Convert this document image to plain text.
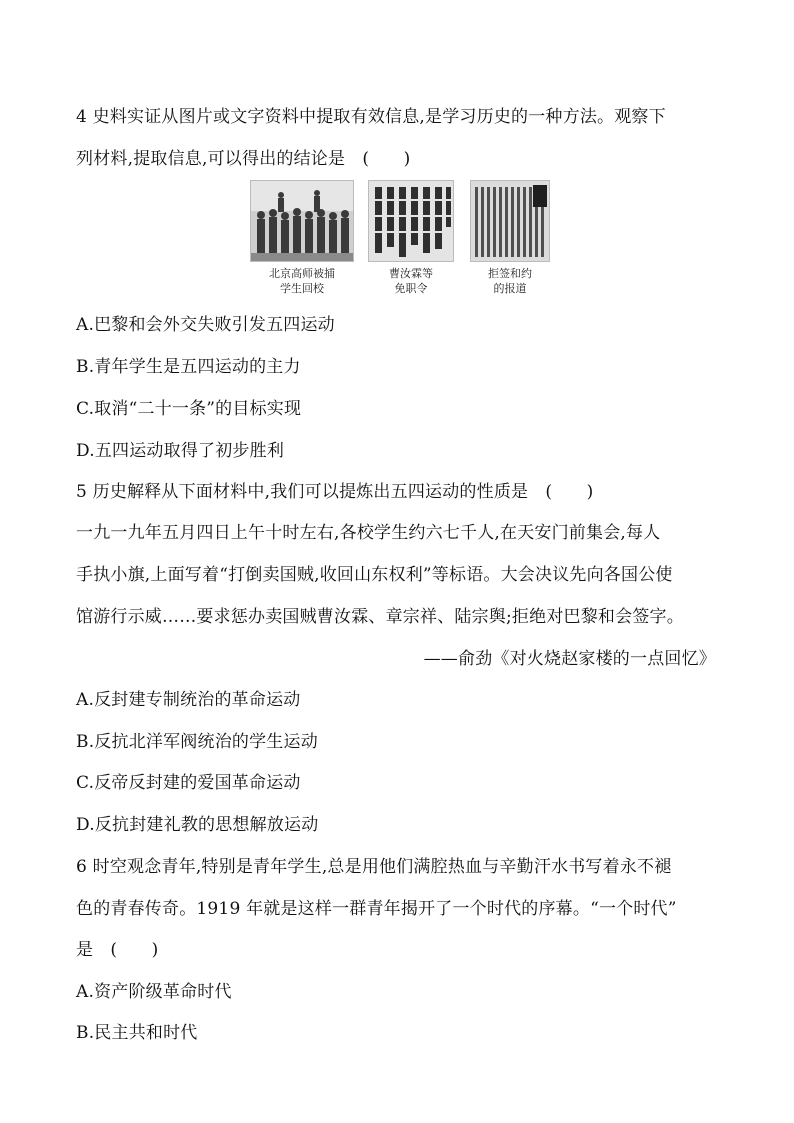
4 史料实证从图片或文字资料中提取有效信息,是学习历史的一种方法。观察下
列材料,提取信息,可以得出的结论是　(　　)
北京高师被捕
学生回校
曹汝霖等
免职令
拒签和约
的报道
A.巴黎和会外交失败引发五四运动
B.青年学生是五四运动的主力
C.取消“二十一条”的目标实现
D.五四运动取得了初步胜利
5 历史解释从下面材料中,我们可以提炼出五四运动的性质是　(　　)
一九一九年五月四日上午十时左右,各校学生约六七千人,在天安门前集会,每人
手执小旗,上面写着“打倒卖国贼,收回山东权利”等标语。大会决议先向各国公使
馆游行示威……要求惩办卖国贼曹汝霖、章宗祥、陆宗舆;拒绝对巴黎和会签字。
——俞劲《对火烧赵家楼的一点回忆》
A.反封建专制统治的革命运动
B.反抗北洋军阀统治的学生运动
C.反帝反封建的爱国革命运动
D.反抗封建礼教的思想解放运动
6 时空观念青年,特别是青年学生,总是用他们满腔热血与辛勤汗水书写着永不褪
色的青春传奇。1919 年就是这样一群青年揭开了一个时代的序幕。“一个时代”
是　(　　)
A.资产阶级革命时代
B.民主共和时代
